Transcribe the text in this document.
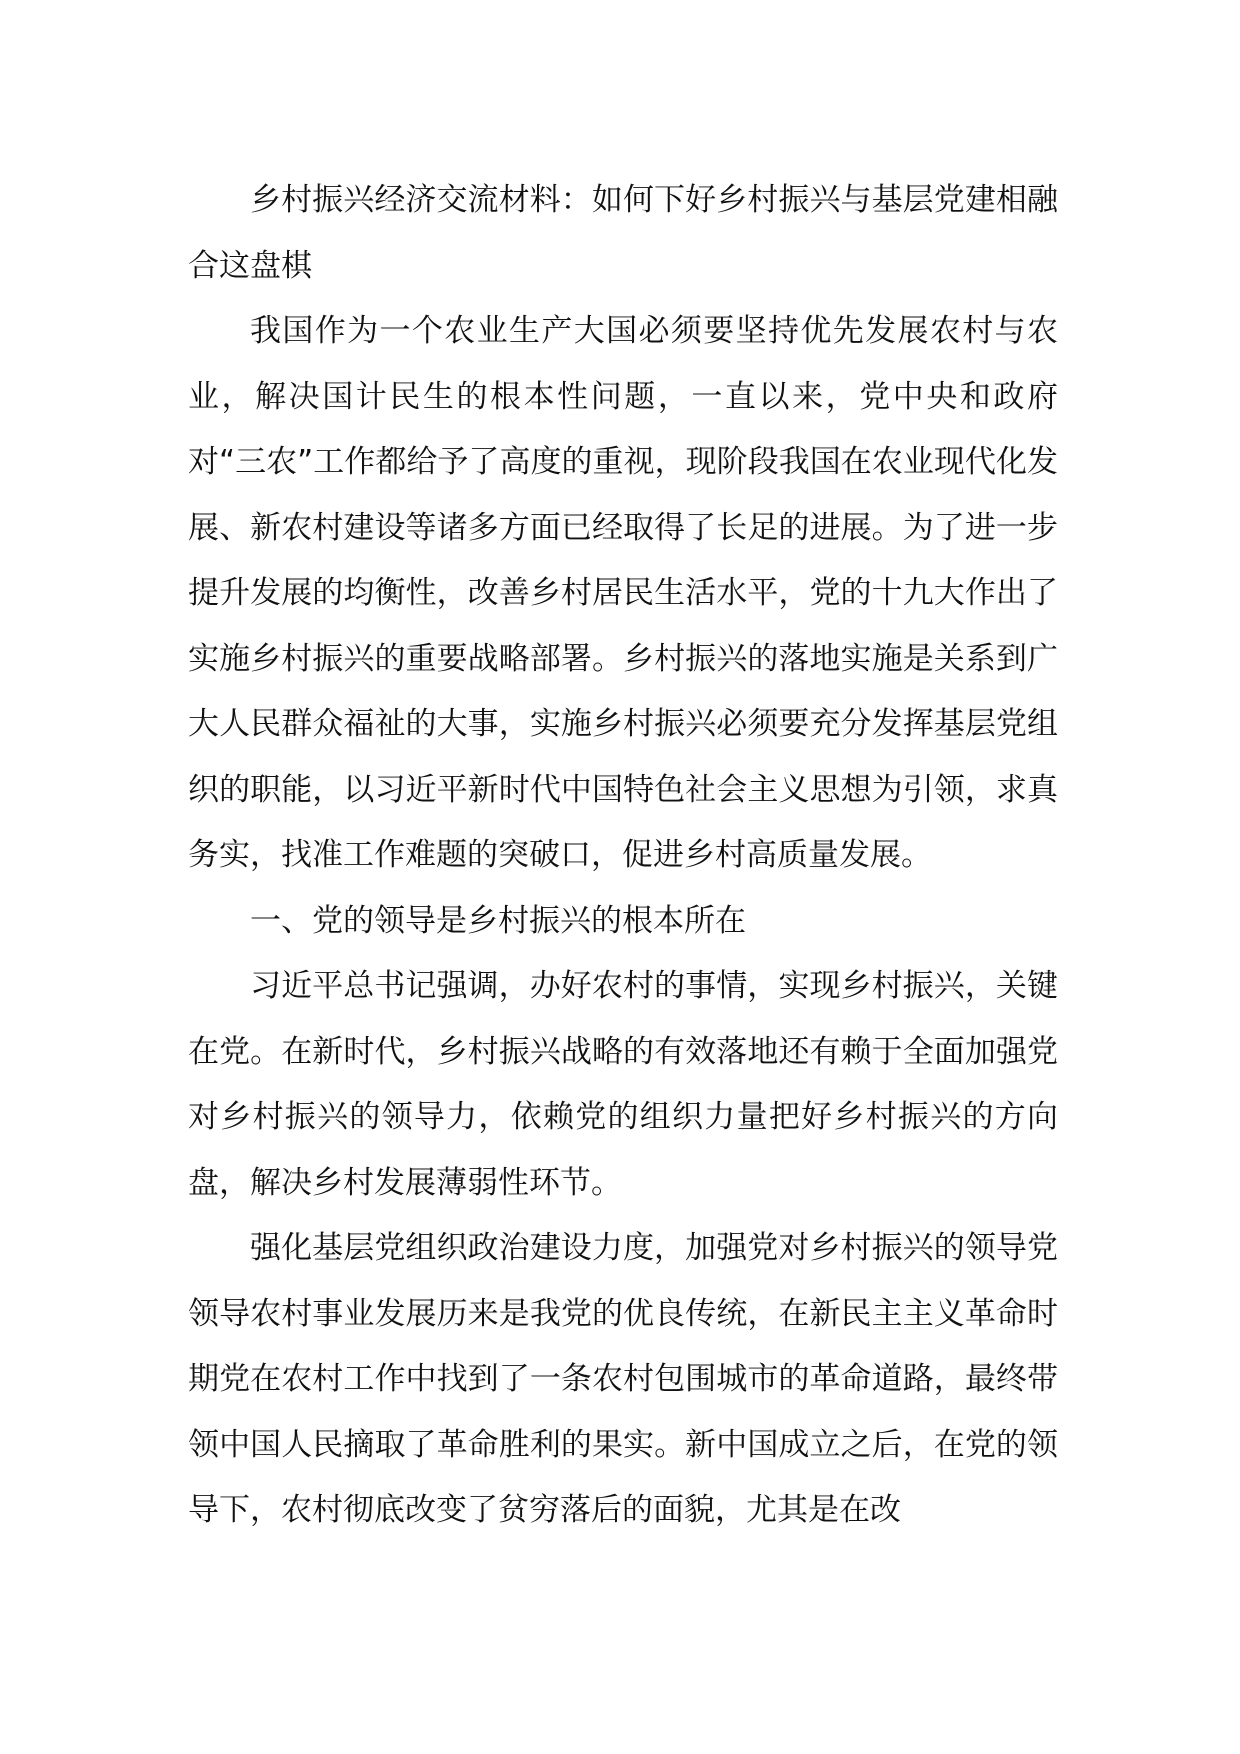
乡村振兴经济交流材料：如何下好乡村振兴与基层党建相融合这盘棋

我国作为一个农业生产大国必须要坚持优先发展农村与农业，解决国计民生的根本性问题，一直以来，党中央和政府对“三农”工作都给予了高度的重视，现阶段我国在农业现代化发展、新农村建设等诸多方面已经取得了长足的进展。为了进一步提升发展的均衡性，改善乡村居民生活水平，党的十九大作出了实施乡村振兴的重要战略部署。乡村振兴的落地实施是关系到广大人民群众福祉的大事，实施乡村振兴必须要充分发挥基层党组织的职能，以习近平新时代中国特色社会主义思想为引领，求真务实，找准工作难题的突破口，促进乡村高质量发展。

一、党的领导是乡村振兴的根本所在

习近平总书记强调，办好农村的事情，实现乡村振兴，关键在党。在新时代，乡村振兴战略的有效落地还有赖于全面加强党对乡村振兴的领导力，依赖党的组织力量把好乡村振兴的方向盘，解决乡村发展薄弱性环节。

强化基层党组织政治建设力度，加强党对乡村振兴的领导党领导农村事业发展历来是我党的优良传统，在新民主主义革命时期党在农村工作中找到了一条农村包围城市的革命道路，最终带领中国人民摘取了革命胜利的果实。新中国成立之后，在党的领导下，农村彻底改变了贫穷落后的面貌，尤其是在改
